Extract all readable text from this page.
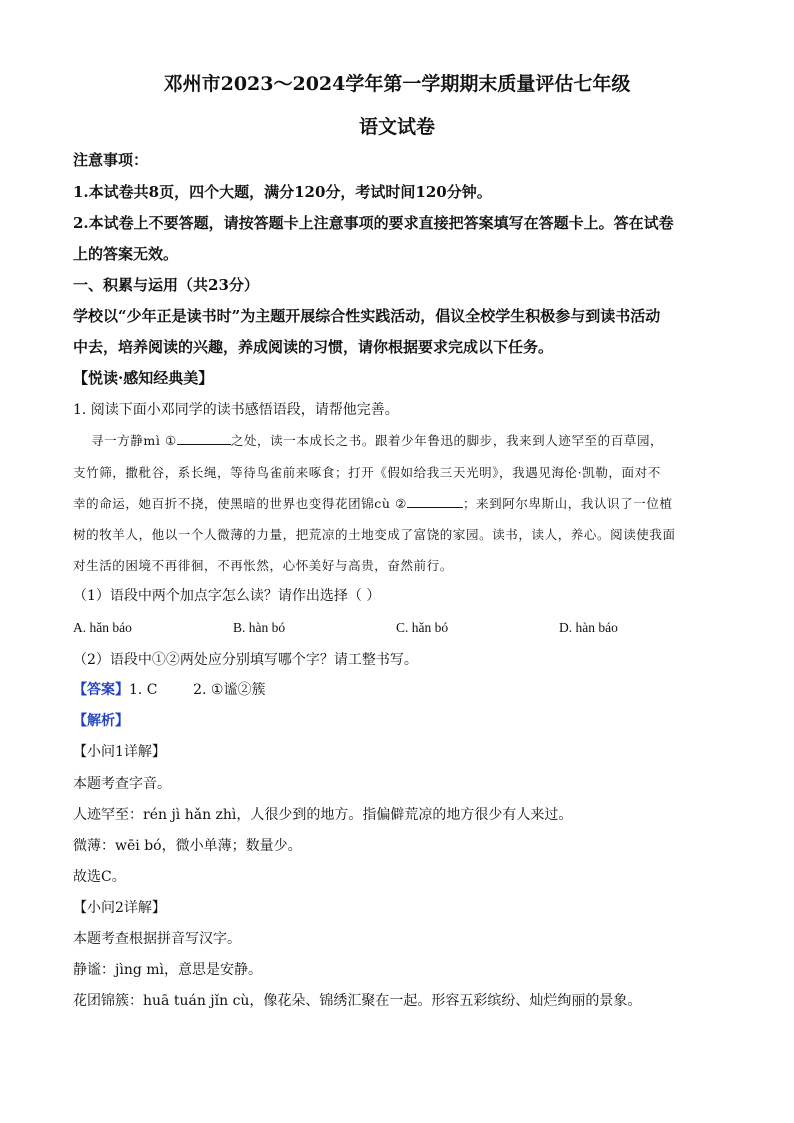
邓州市2023～2024学年第一学期期末质量评估七年级
语文试卷
注意事项：
1.本试卷共8页，四个大题，满分120分，考试时间120分钟。
2.本试卷上不要答题，请按答题卡上注意事项的要求直接把答案填写在答题卡上。答在试卷
上的答案无效。
一、积累与运用（共23分）
学校以“少年正是读书时”为主题开展综合性实践活动，倡议全校学生积极参与到读书活动
中去，培养阅读的兴趣，养成阅读的习惯，请你根据要求完成以下任务。
【悦读·感知经典美】
1. 阅读下面小邓同学的读书感悟语段，请帮他完善。
寻一方静mì ①	之处，读一本成长之书。跟着少年鲁迅的脚步，我来到人迹罕至的百草园，
支竹筛，撒秕谷，系长绳，等待鸟雀前来啄食；打开《假如给我三天光明》，我遇见海伦·凯勒，面对不
幸的命运，她百折不挠，使黑暗的世界也变得花团锦cù ②	；来到阿尔卑斯山，我认识了一位植
树的牧羊人，他以一个人微薄的力量，把荒凉的土地变成了富饶的家园。读书，读人，养心。阅读使我面
对生活的困境不再徘徊，不再怅然，心怀美好与高贵，奋然前行。
（1）语段中两个加点字怎么读？请作出选择（ ）
A. hǎn báo	B. hàn bó	C. hǎn bó	D. hàn báo
（2）语段中①②两处应分别填写哪个字？请工整书写。
【答案】1. C        2. ①谧②簇
【解析】
【小问1详解】
本题考查字音。
人迹罕至：rén jì hǎn zhì，人很少到的地方。指偏僻荒凉的地方很少有人来过。
微薄：wēi bó，微小单薄；数量少。
故选C。
【小问2详解】
本题考查根据拼音写汉字。
静谧：jìng mì，意思是安静。
花团锦簇：huā tuán jǐn cù，像花朵、锦绣汇聚在一起。形容五彩缤纷、灿烂绚丽的景象。
